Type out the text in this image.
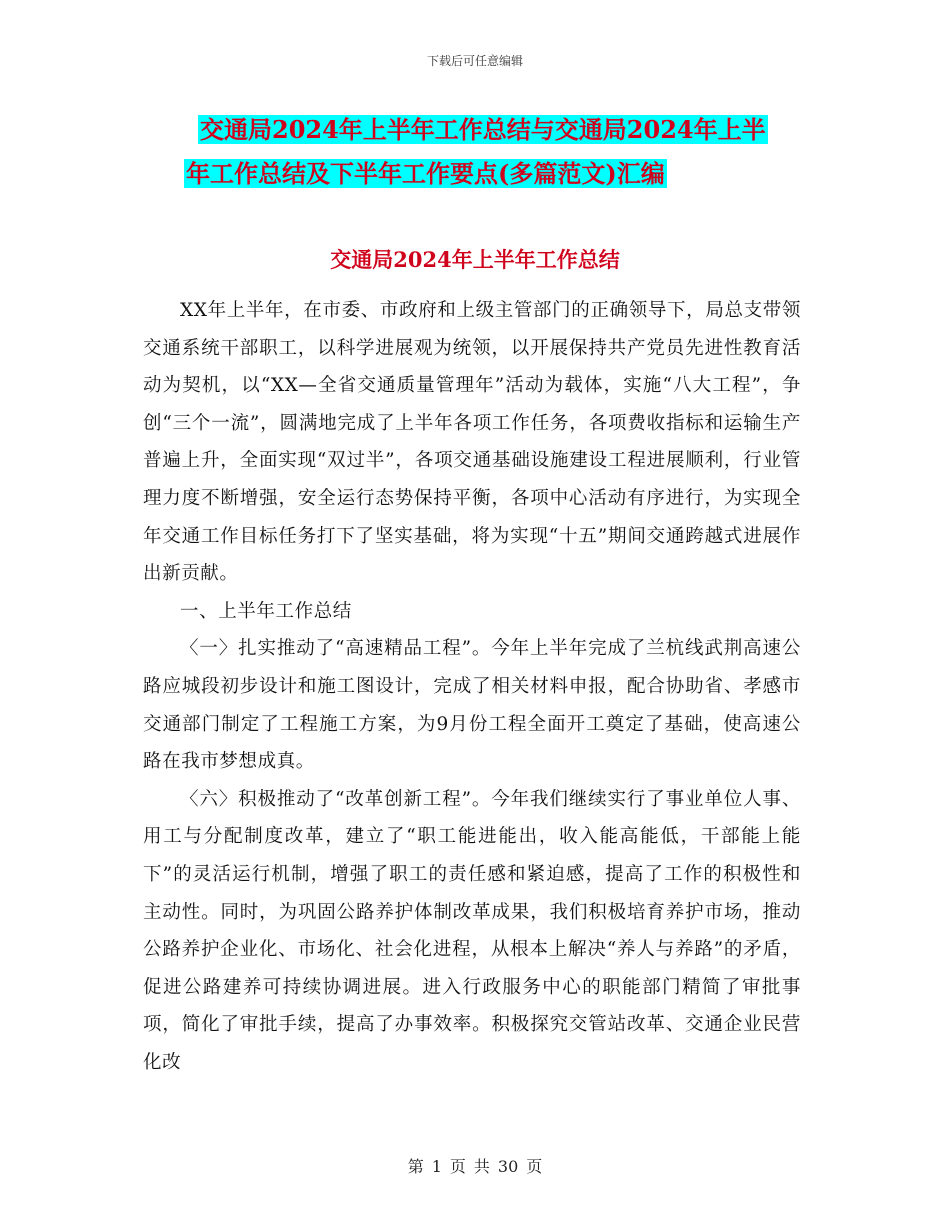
下载后可任意编辑
交通局2024年上半年工作总结与交通局2024年上半
年工作总结及下半年工作要点(多篇范文)汇编
交通局2024年上半年工作总结

XX年上半年，在市委、市政府和上级主管部门的正确领导下，局总支带领交通系统干部职工，以科学进展观为统领，以开展保持共产党员先进性教育活动为契机，以“XX—全省交通质量管理年”活动为载体，实施“八大工程”，争创“三个一流”，圆满地完成了上半年各项工作任务，各项费收指标和运输生产普遍上升，全面实现“双过半”，各项交通基础设施建设工程进展顺利，行业管理力度不断增强，安全运行态势保持平衡，各项中心活动有序进行，为实现全年交通工作目标任务打下了坚实基础，将为实现“十五”期间交通跨越式进展作出新贡献。

一、上半年工作总结

〈一〉扎实推动了“高速精品工程”。今年上半年完成了兰杭线武荆高速公路应城段初步设计和施工图设计，完成了相关材料申报，配合协助省、孝感市交通部门制定了工程施工方案，为9月份工程全面开工奠定了基础，使高速公路在我市梦想成真。

〈六〉积极推动了“改革创新工程”。今年我们继续实行了事业单位人事、用工与分配制度改革，建立了“职工能进能出，收入能高能低，干部能上能下”的灵活运行机制，增强了职工的责任感和紧迫感，提高了工作的积极性和主动性。同时，为巩固公路养护体制改革成果，我们积极培育养护市场，推动公路养护企业化、市场化、社会化进程，从根本上解决“养人与养路”的矛盾，促进公路建养可持续协调进展。进入行政服务中心的职能部门精简了审批事项，简化了审批手续，提高了办事效率。积极探究交管站改革、交通企业民营化改

第 1 页 共 30 页
